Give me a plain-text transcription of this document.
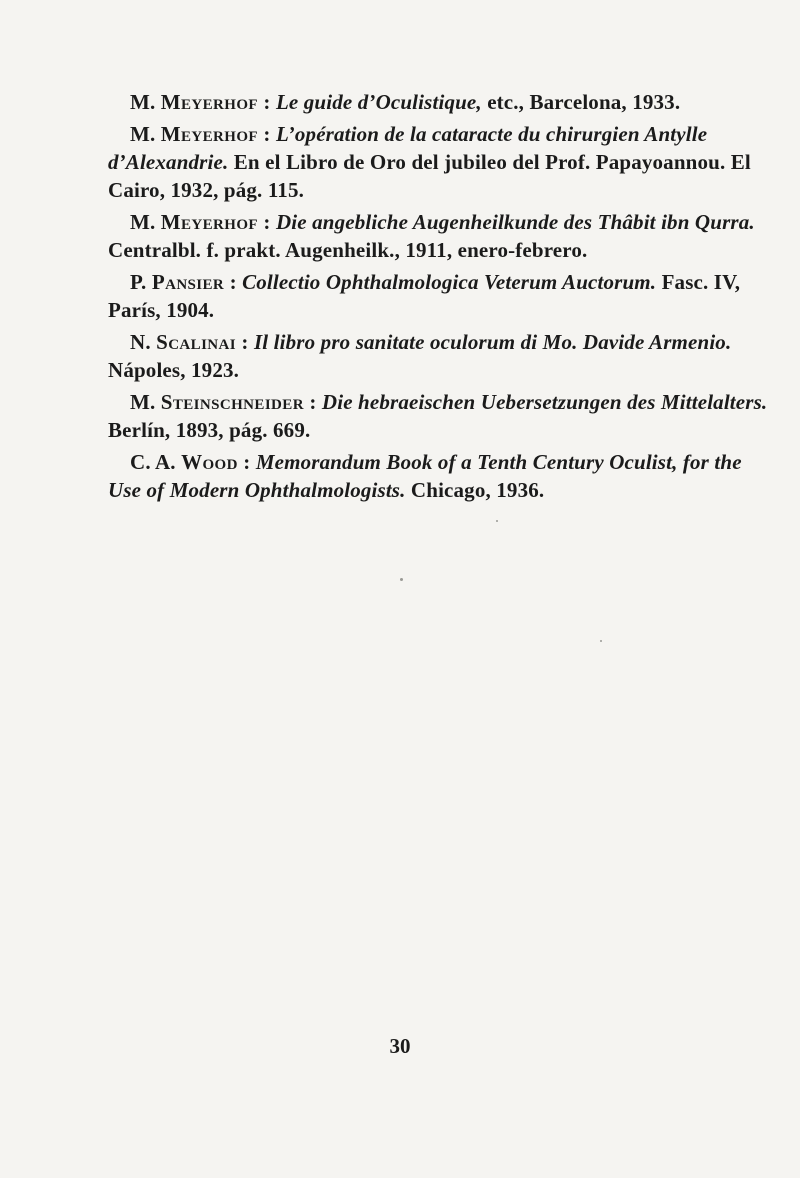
M. Meyerhof : Le guide d’Oculistique, etc., Barcelona, 1933.

M. Meyerhof : L’opération de la cataracte du chirurgien Antylle d’Alexandrie. En el Libro de Oro del jubileo del Prof. Papayoannou. El Cairo, 1932, pág. 115.

M. Meyerhof : Die angebliche Augenheilkunde des Thâbit ibn Qurra. Centralbl. f. prakt. Augenheilk., 1911, enero-febrero.

P. Pansier : Collectio Ophthalmologica Veterum Auctorum. Fasc. IV, París, 1904.

N. Scalinai : Il libro pro sanitate oculorum di Mo. Davide Armenio. Nápoles, 1923.

M. Steinschneider : Die hebraeischen Uebersetzungen des Mittelalters. Berlín, 1893, pág. 669.

C. A. Wood : Memorandum Book of a Tenth Century Oculist, for the Use of Modern Ophthalmologists. Chicago, 1936.

30
